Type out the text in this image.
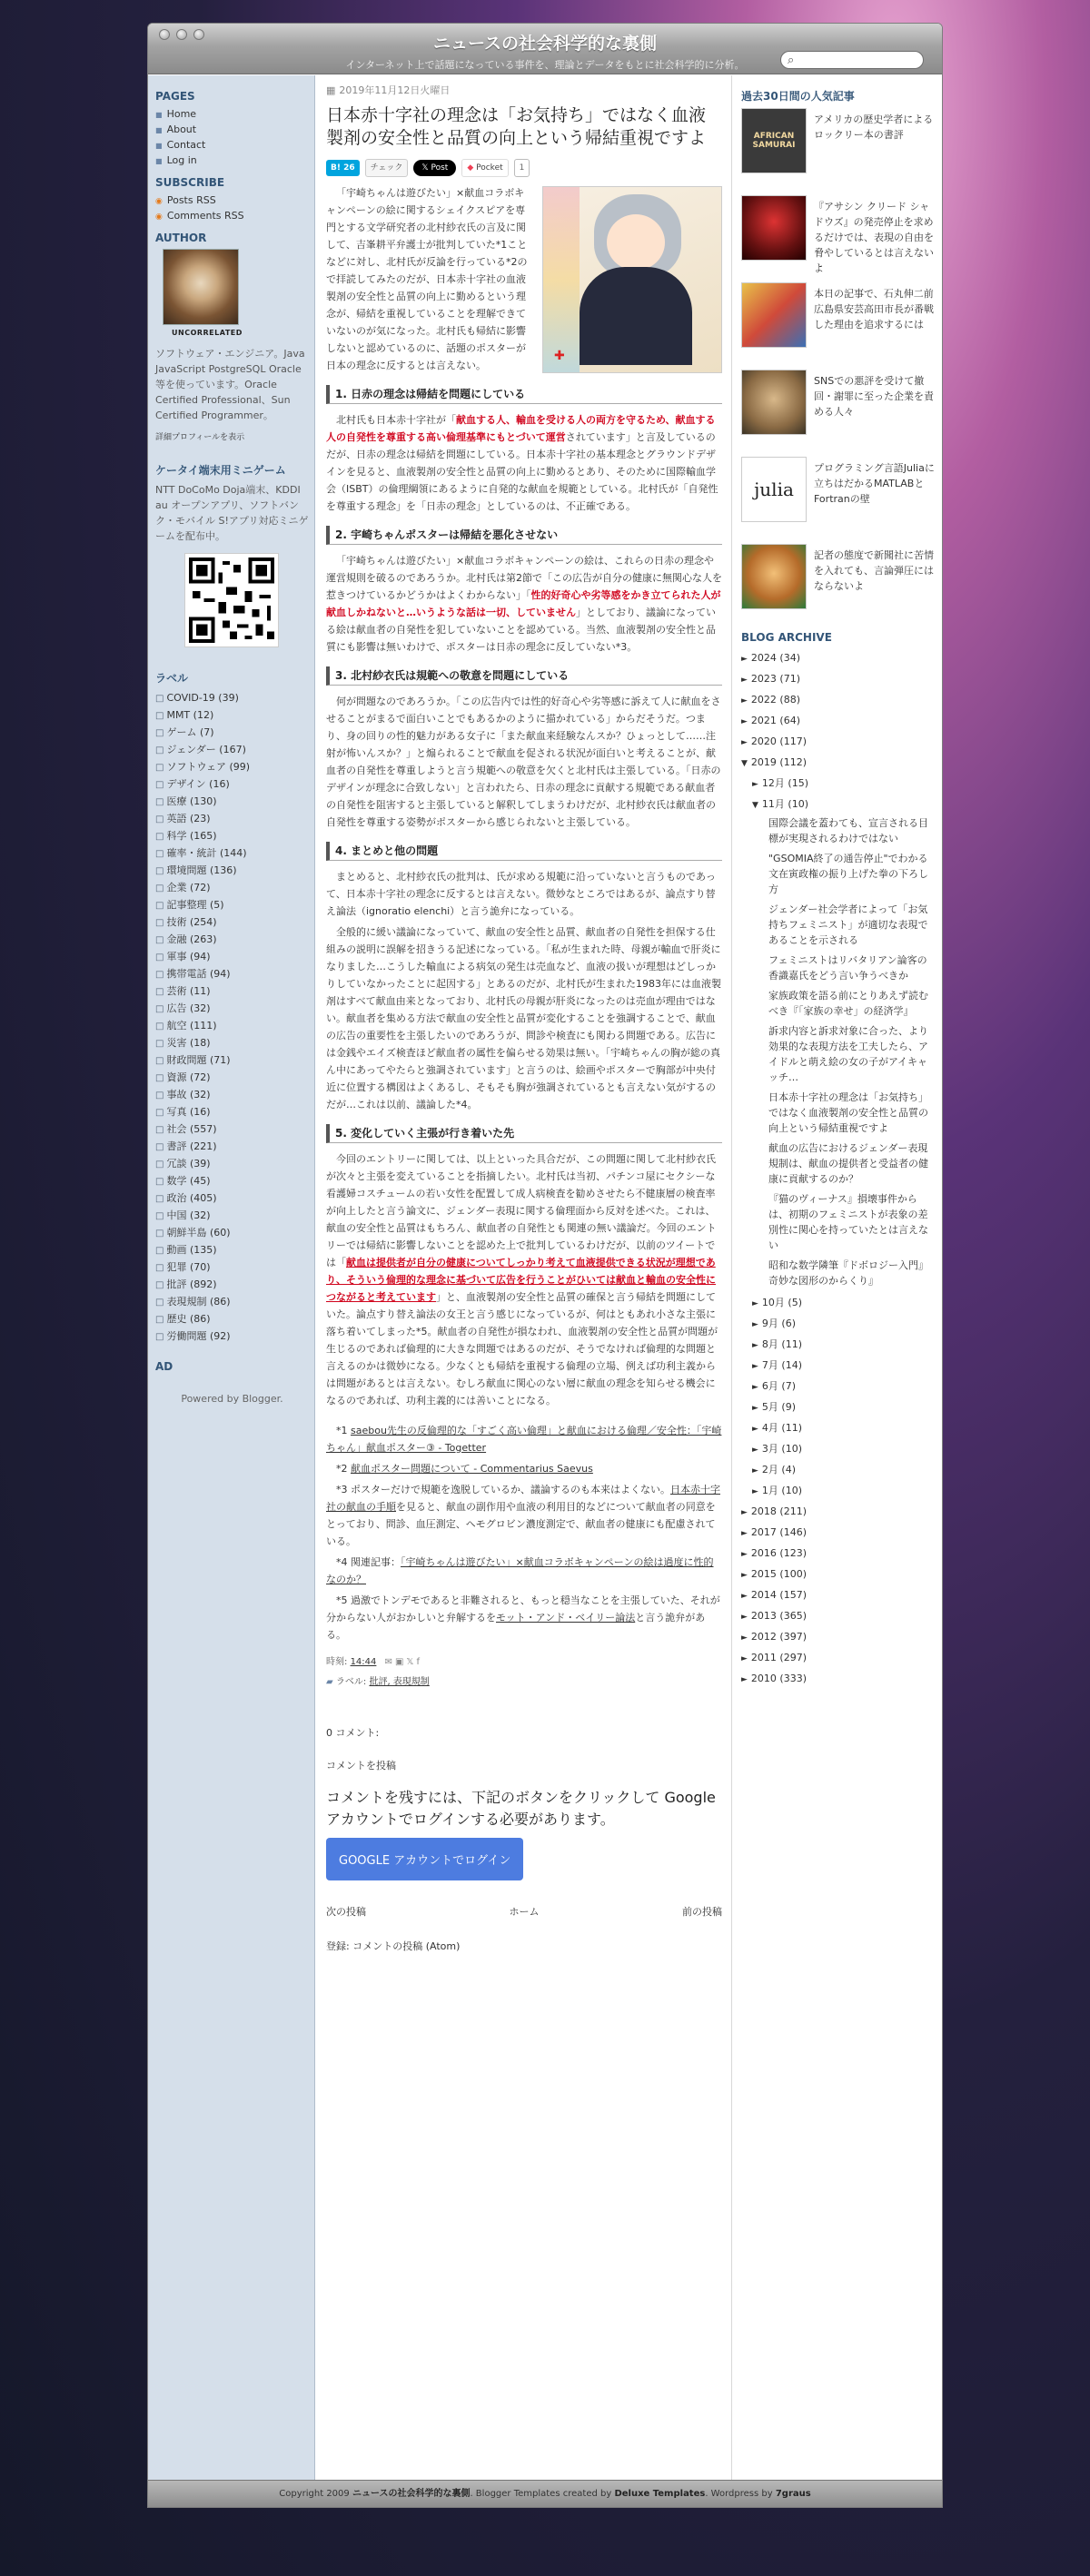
ニュースの社会科学的な裏側
インターネット上で話題になっている事件を、理論とデータをもとに社会科学的に分析。	⌕
PAGES
■ Home
■ About
■ Contact
■ Log in
SUBSCRIBE
◉ Posts RSS
◉ Comments RSS
AUTHOR
UNCORRELATED
ソフトウェア・エンジニア。Java JavaScript PostgreSQL Oracle 等を使っています。Oracle Certified Professional、Sun Certified Programmer。
詳細プロフィールを表示
ケータイ端末用ミニゲーム
NTT DoCoMo Doja端末、KDDI au オープンアプリ、ソフトバンク・モバイル S!アプリ対応ミニゲームを配布中。
ラベル
□ COVID-19 (39)
□ MMT (12)
□ ゲーム (7)
□ ジェンダー (167)
□ ソフトウェア (99)
□ デザイン (16)
□ 医療 (130)
□ 英語 (23)
□ 科学 (165)
□ 確率・統計 (144)
□ 環境問題 (136)
□ 企業 (72)
□ 記事整理 (5)
□ 技術 (254)
□ 金融 (263)
□ 軍事 (94)
□ 携帯電話 (94)
□ 芸術 (11)
□ 広告 (32)
□ 航空 (111)
□ 災害 (18)
□ 財政問題 (71)
□ 資源 (72)
□ 事故 (32)
□ 写真 (16)
□ 社会 (557)
□ 書評 (221)
□ 冗談 (39)
□ 数学 (45)
□ 政治 (405)
□ 中国 (32)
□ 朝鮮半島 (60)
□ 動画 (135)
□ 犯罪 (70)
□ 批評 (892)
□ 表現規制 (86)
□ 歴史 (86)
□ 労働問題 (92)
AD
Powered by Blogger.
▦ 2019年11月12日火曜日
日本赤十字社の理念は「お気持ち」ではなく血液製剤の安全性と品質の向上という帰結重視ですよ
B! 26	チェック	𝕏 Post	◆ Pocket	1
✚

「宇崎ちゃんは遊びたい」×献血コラボキャンペーンの絵に関するシェイクスピアを専門とする文学研究者の北村紗衣氏の言及に関して、吉峯耕平弁護士が批判していた*1ことなどに対し、北村氏が反論を行っている*2ので拝読してみたのだが、日本赤十字社の血液製剤の安全性と品質の向上に勤めるという理念が、帰結を重視していることを理解できていないのが気になった。北村氏も帰結に影響しないと認めているのに、話題のポスターが日本の理念に反するとは言えない。

1. 日赤の理念は帰結を問題にしている

北村氏も日本赤十字社が「献血する人、輸血を受ける人の両方を守るため、献血する人の自発性を尊重する高い倫理基準にもとづいて運営されています」と言及しているのだが、日赤の理念は帰結を問題にしている。日本赤十字社の基本理念とグラウンドデザインを見ると、血液製剤の安全性と品質の向上に勤めるとあり、そのために国際輸血学会（ISBT）の倫理綱領にあるように自発的な献血を規範としている。北村氏が「自発性を尊重する理念」を「日赤の理念」としているのは、不正確である。

2. 宇崎ちゃんポスターは帰結を悪化させない

「宇崎ちゃんは遊びたい」×献血コラボキャンペーンの絵は、これらの日赤の理念や運営規則を破るのであろうか。北村氏は第2節で「この広告が自分の健康に無関心な人を惹きつけているかどうかはよくわからない」「性的好奇心や劣等感をかき立てられた人が献血しかねないと…いうような話は一切、していません」としており、議論になっている絵は献血者の自発性を犯していないことを認めている。当然、血液製剤の安全性と品質にも影響は無いわけで、ポスターは日赤の理念に反していない*3。

3. 北村紗衣氏は規範への敬意を問題にしている

何が問題なのであろうか。「この広告内では性的好奇心や劣等感に訴えて人に献血をさせることがまるで面白いことでもあるかのように描かれている」からだそうだ。つまり、身の回りの性的魅力がある女子に「また献血来経験なんスか？ひょっとして……注射が怖いんスか？」と煽られることで献血を促される状況が面白いと考えることが、献血者の自発性を尊重しようと言う規範への敬意を欠くと北村氏は主張している。「日赤のデザインが理念に合致しない」と言われたら、日赤の理念に貢献する規範である献血者の自発性を阻害すると主張していると解釈してしまうわけだが、北村紗衣氏は献血者の自発性を尊重する姿勢がポスターから感じられないと主張している。

4. まとめと他の問題

まとめると、北村紗衣氏の批判は、氏が求める規範に沿っていないと言うものであって、日本赤十字社の理念に反するとは言えない。微妙なところではあるが、論点すり替え論法（ignoratio elenchi）と言う詭弁になっている。

全般的に緩い議論になっていて、献血の安全性と品質、献血者の自発性を担保する仕組みの説明に誤解を招きうる記述になっている。「私が生まれた時、母親が輸血で肝炎になりました…こうした輸血による病気の発生は売血など、血液の扱いが理想はどしっかりしていなかったことに起因する」とあるのだが、北村氏が生まれた1983年には血液製剤はすべて献血由来となっており、北村氏の母親が肝炎になったのは売血が理由ではない。献血者を集める方法で献血の安全性と品質が変化することを強調することで、献血の広告の重要性を主張したいのであろうが、問診や検査にも関わる問題である。広告には金銭やエイズ検査ほど献血者の属性を偏らせる効果は無い。「宇崎ちゃんの胸が総の真ん中にあってやたらと強調されています」と言うのは、絵画やポスターで胸部が中央付近に位置する構図はよくあるし、そもそも胸が強調されているとも言えない気がするのだが…これは以前、議論した*4。

5. 変化していく主張が行き着いた先

今回のエントリーに関しては、以上といった具合だが、この問題に関して北村紗衣氏が次々と主張を変えていることを指摘したい。北村氏は当初、パチンコ屋にセクシーな看護婦コスチュームの若い女性を配置して成人病検査を勧めさせたら不健康層の検査率が向上したと言う論文に、ジェンダー表現に関する倫理面から反対を述べた。これは、献血の安全性と品質はもちろん、献血者の自発性とも関連の無い議論だ。今回のエントリーでは帰結に影響しないことを認めた上で批判しているわけだが、以前のツイートでは「献血は提供者が自分の健康についてしっかり考えて血液提供できる状況が理想であり、そういう倫理的な理念に基づいて広告を行うことがひいては献血と輸血の安全性につながると考えています」と、血液製剤の安全性と品質の確保と言う帰結を問題にしていた。論点すり替え論法の女王と言う感じになっているが、何はともあれ小さな主張に落ち着いてしまった*5。献血者の自発性が損なわれ、血液製剤の安全性と品質が問題が生じるのであれば倫理的に大きな問題ではあるのだが、そうでなければ倫理的な問題と言えるのかは微妙になる。少なくとも帰結を重視する倫理の立場、例えば功利主義からは問題があるとは言えない。むしろ献血に関心のない層に献血の理念を知らせる機会になるのであれば、功利主義的には善いことになる。

*1 saebou先生の反倫理的な「すごく高い倫理」と献血における倫理／安全性：「宇崎ちゃん」献血ポスター③ - Togetter

*2 献血ポスター問題について - Commentarius Saevus

*3 ポスターだけで規範を逸脱しているか、議論するのも本来はよくない。日本赤十字社の献血の手順を見ると、献血の副作用や血液の利用目的などについて献血者の同意をとっており、問診、血圧測定、ヘモグロビン濃度測定で、献血者の健康にも配慮されている。

*4 関連記事：「宇崎ちゃんは遊びたい」×献血コラボキャンペーンの絵は過度に性的なのか？

*5 過激でトンデモであると非難されると、もっと穏当なことを主張していた、それが分からない人がおかしいと弁解するをモット・アンド・ベイリー論法と言う詭弁がある。

時刻: 14:44 ✉▣𝕏f
▰ ラベル: 批評, 表現規制
0 コメント:
コメントを投稿
コメントを残すには、下記のボタンをクリックして Google アカウントでログインする必要があります。
GOOGLE アカウントでログイン
次の投稿	ホーム	前の投稿
登録: コメントの投稿 (Atom)
過去30日間の人気記事
AFRICAN SAMURAI
アメリカの歴史学者によるロックリー本の書評
『アサシン クリード シャドウズ』の発売停止を求めるだけでは、表現の自由を脅やしているとは言えないよ
本日の記事で、石丸伸二前広島県安芸高田市長が番戦した理由を追求するには
SNSでの悪評を受けて撤回・謝罪に至った企業を責める人々
julia
プログラミング言語Juliaに立ちはだかるMATLABとFortranの壁
記者の態度で新聞社に苦情を入れても、言論弾圧にはならないよ
BLOG ARCHIVE
► 2024 (34)
► 2023 (71)
► 2022 (88)
► 2021 (64)
► 2020 (117)
▼ 2019 (112)
► 12月 (15)
▼ 11月 (10)
国際会議を蓋わても、宣言される目標が実現されるわけではない
"GSOMIA終了の通告停止"でわかる文在寅政権の振り上げた拳の下ろし方
ジェンダー社会学者によって「お気持ちフェミニスト」が適切な表現であることを示される
フェミニストはリバタリアン論客の香識嘉氏をどう言い争うべきか
家族政策を語る前にとりあえず読むべき『「家族の幸せ」の経済学』
訴求内容と訴求対象に合った、より効果的な表現方法を工夫したら、アイドルと萌え絵の女の子がアイキャッチ…
日本赤十字社の理念は「お気持ち」ではなく血液製剤の安全性と品質の向上という帰結重視ですよ
献血の広告におけるジェンダー表現規制は、献血の提供者と受益者の健康に貢献するのか？
『猫のヴィーナス』損壊事件から は、初期のフェミニストが表象の差別性に関心を持っていたとは言えない
昭和な数学隣筆『ドボロジー入門』奇妙な図形のからくり』
► 10月 (5)
► 9月 (6)
► 8月 (11)
► 7月 (14)
► 6月 (7)
► 5月 (9)
► 4月 (11)
► 3月 (10)
► 2月 (4)
► 1月 (10)
► 2018 (211)
► 2017 (146)
► 2016 (123)
► 2015 (100)
► 2014 (157)
► 2013 (365)
► 2012 (397)
► 2011 (297)
► 2010 (333)
Copyright 2009 ニュースの社会科学的な裏側. Blogger Templates created by Deluxe Templates. Wordpress by 7graus
